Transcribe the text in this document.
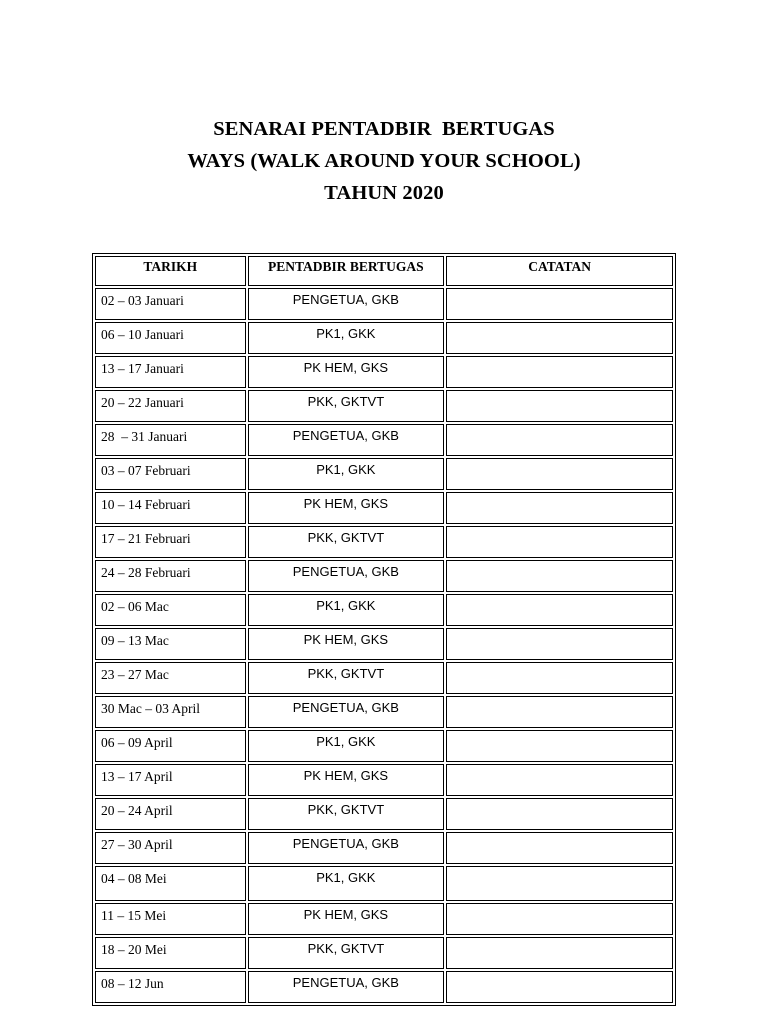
SENARAI PENTADBIR  BERTUGAS
WAYS (WALK AROUND YOUR SCHOOL)
TAHUN 2020
TARIKH	PENTADBIR BERTUGAS	CATATAN
02 – 03 Januari	PENGETUA, GKB	
06 – 10 Januari	PK1, GKK	
13 – 17 Januari	PK HEM, GKS	
20 – 22 Januari	PKK, GKTVT	
28  – 31 Januari	PENGETUA, GKB	
03 – 07 Februari	PK1, GKK	
10 – 14 Februari	PK HEM, GKS	
17 – 21 Februari	PKK, GKTVT	
24 – 28 Februari	PENGETUA, GKB	
02 – 06 Mac	PK1, GKK	
09 – 13 Mac	PK HEM, GKS	
23 – 27 Mac	PKK, GKTVT	
30 Mac – 03 April	PENGETUA, GKB	
06 – 09 April	PK1, GKK	
13 – 17 April	PK HEM, GKS	
20 – 24 April	PKK, GKTVT	
27 – 30 April	PENGETUA, GKB	
04 – 08 Mei	PK1, GKK	
11 – 15 Mei	PK HEM, GKS	
18 – 20 Mei	PKK, GKTVT	
08 – 12 Jun	PENGETUA, GKB	
